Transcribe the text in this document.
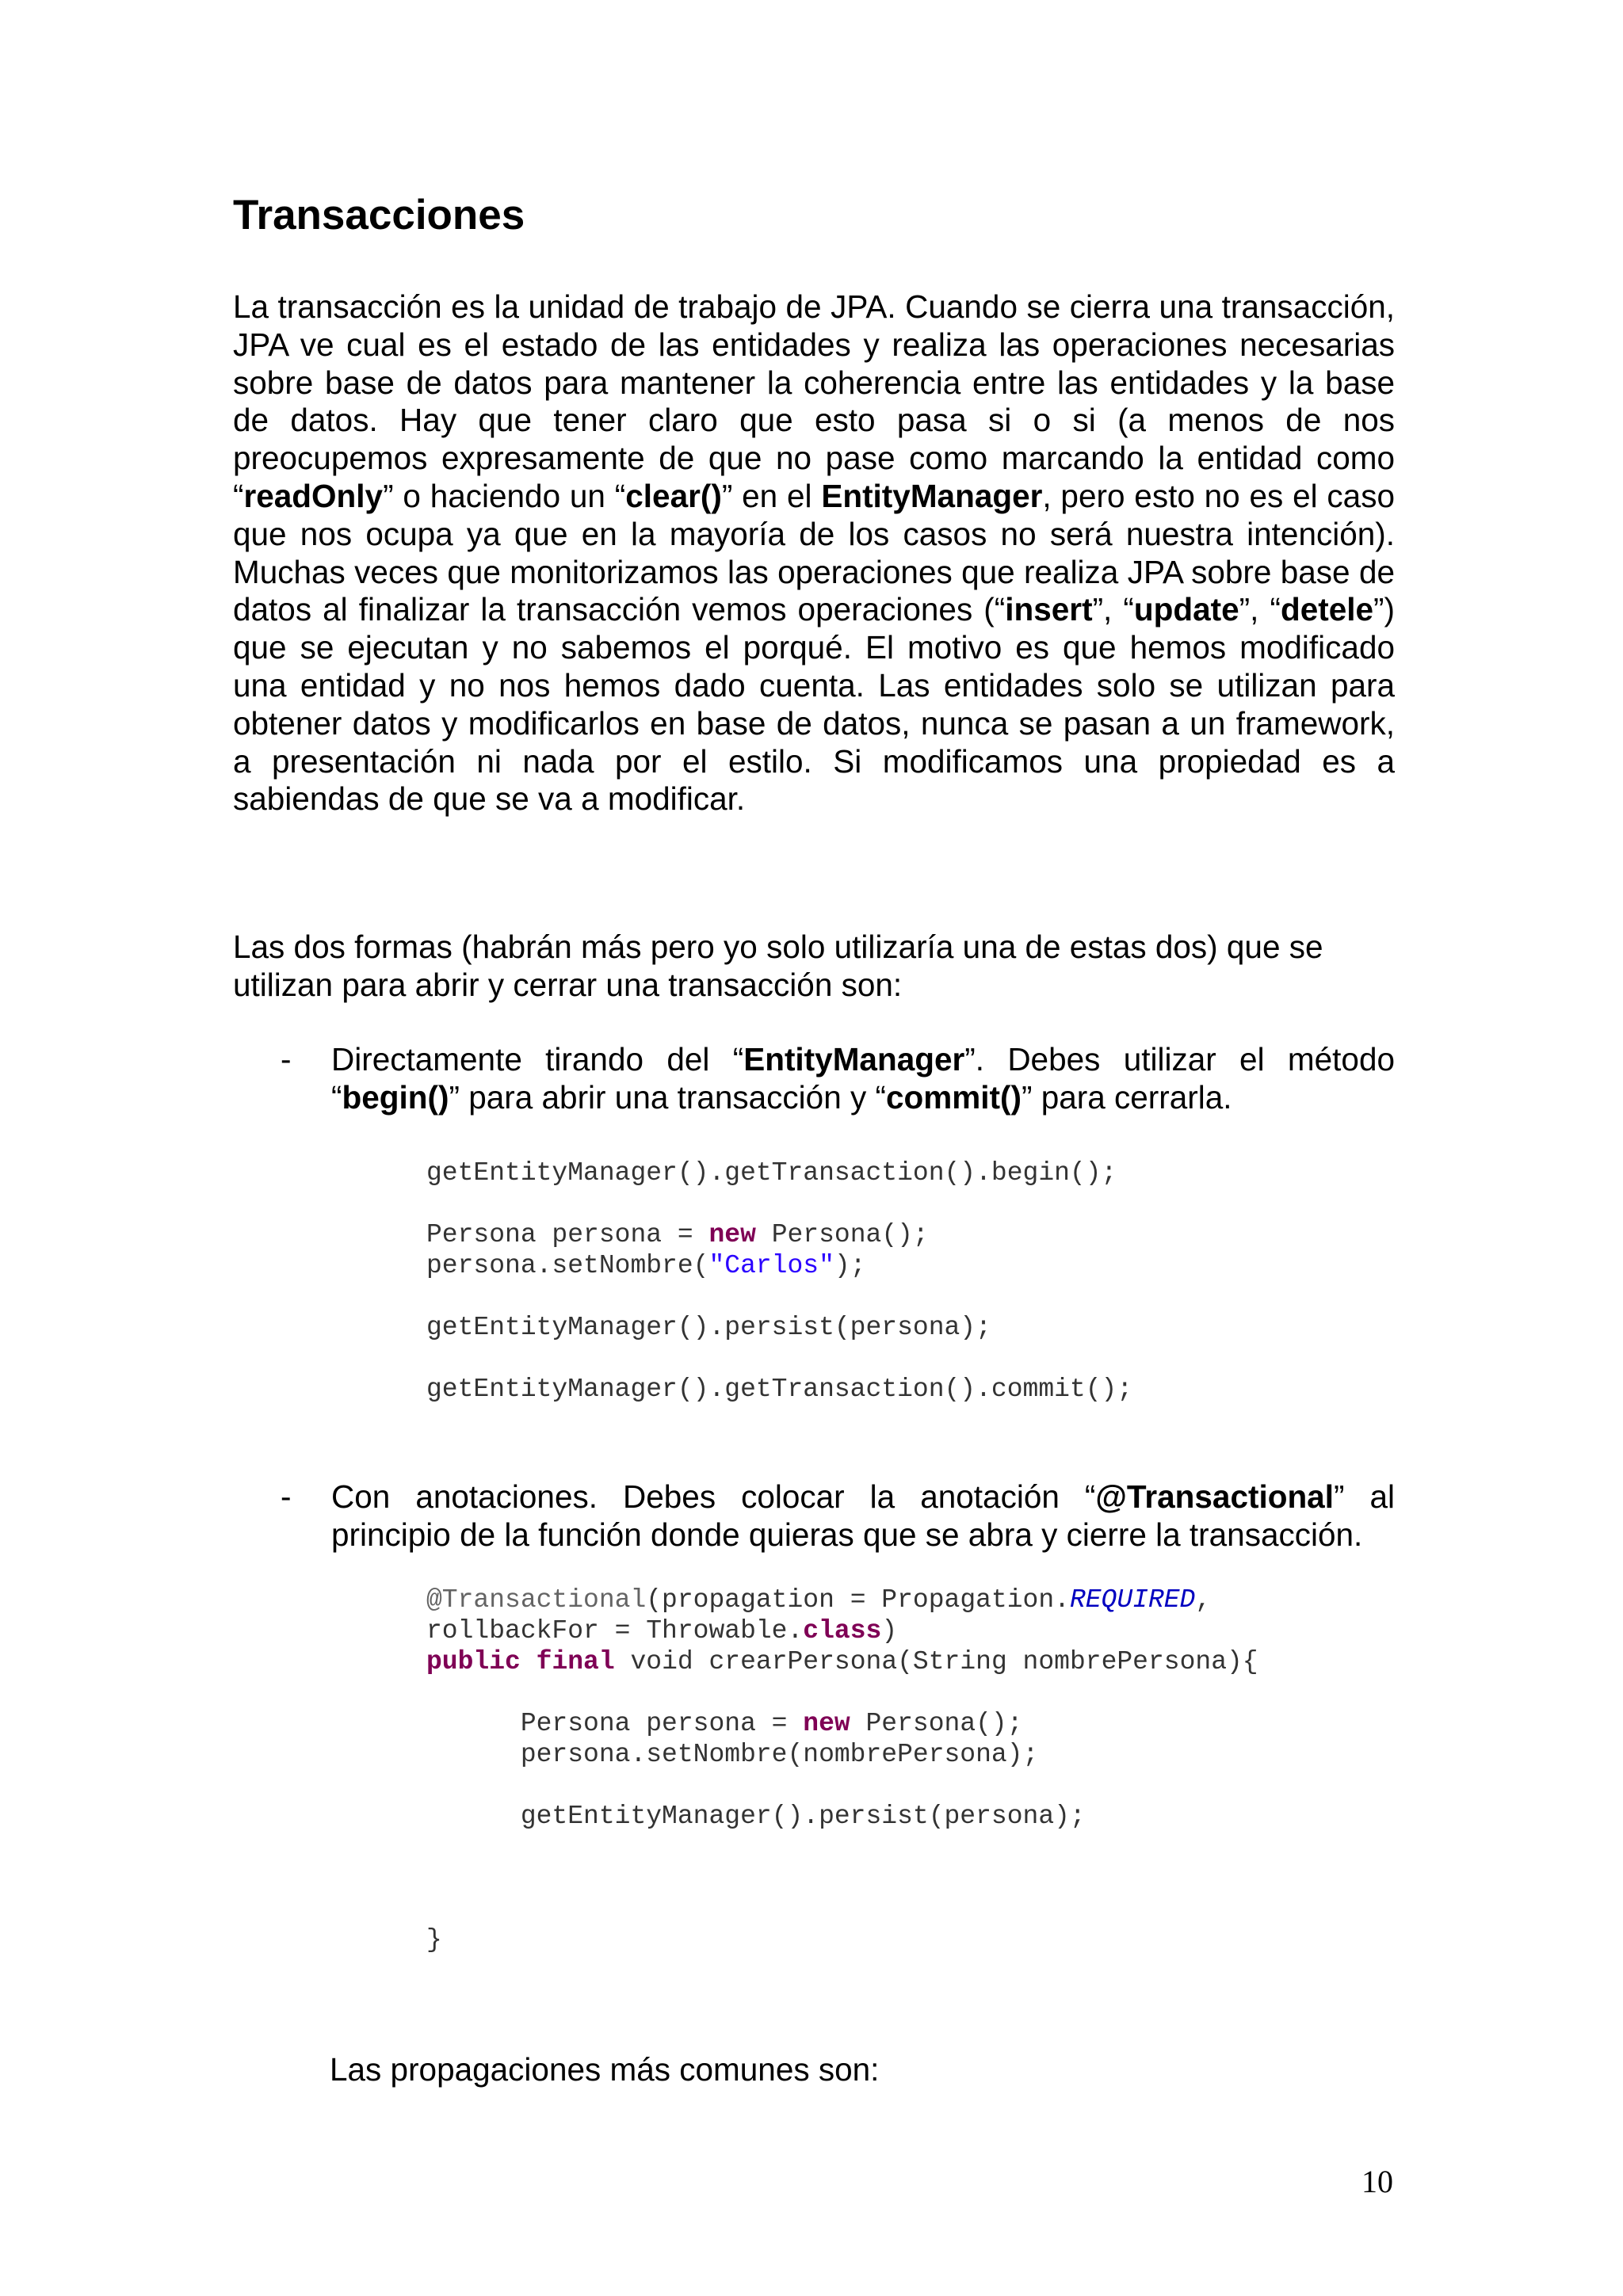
Transacciones

La transacción es la unidad de trabajo de JPA. Cuando se cierra una transacción, JPA ve cual es el estado de las entidades y realiza las operaciones necesarias sobre base de datos para mantener la coherencia entre las entidades y la base de datos. Hay que tener claro que esto pasa si o si (a menos de nos preocupemos expresamente de que no pase como marcando la entidad como “readOnly” o haciendo un “clear()” en el EntityManager, pero esto no es el caso que nos ocupa ya que en la mayoría de los casos no será nuestra intención). Muchas veces que monitorizamos las operaciones que realiza JPA sobre base de datos al finalizar la transacción vemos operaciones (“insert”, “update”, “detele”) que se ejecutan y no sabemos el porqué. El motivo es que hemos modificado una entidad y no nos hemos dado cuenta. Las entidades solo se utilizan para obtener datos y modificarlos en base de datos, nunca se pasan a un framework, a presentación ni nada por el estilo. Si modificamos una propiedad es a sabiendas de que se va a modificar.

Las dos formas (habrán más pero yo solo utilizaría una de estas dos) que se
utilizan para abrir y cerrar una transacción son:

- Directamente tirando del “EntityManager”. Debes utilizar el método “begin()” para abrir una transacción y “commit()” para cerrarla.
getEntityManager().getTransaction().begin();
Persona persona = new Persona();
persona.setNombre("Carlos");
getEntityManager().persist(persona);
getEntityManager().getTransaction().commit();
- Con anotaciones. Debes colocar la anotación “@Transactional” al principio de la función donde quieras que se abra y cierre la transacción.
@Transactional(propagation = Propagation.REQUIRED,
rollbackFor = Throwable.class)
public final void crearPersona(String nombrePersona){
Persona persona = new Persona();
persona.setNombre(nombrePersona);
getEntityManager().persist(persona);
}
Las propagaciones más comunes son:
10
